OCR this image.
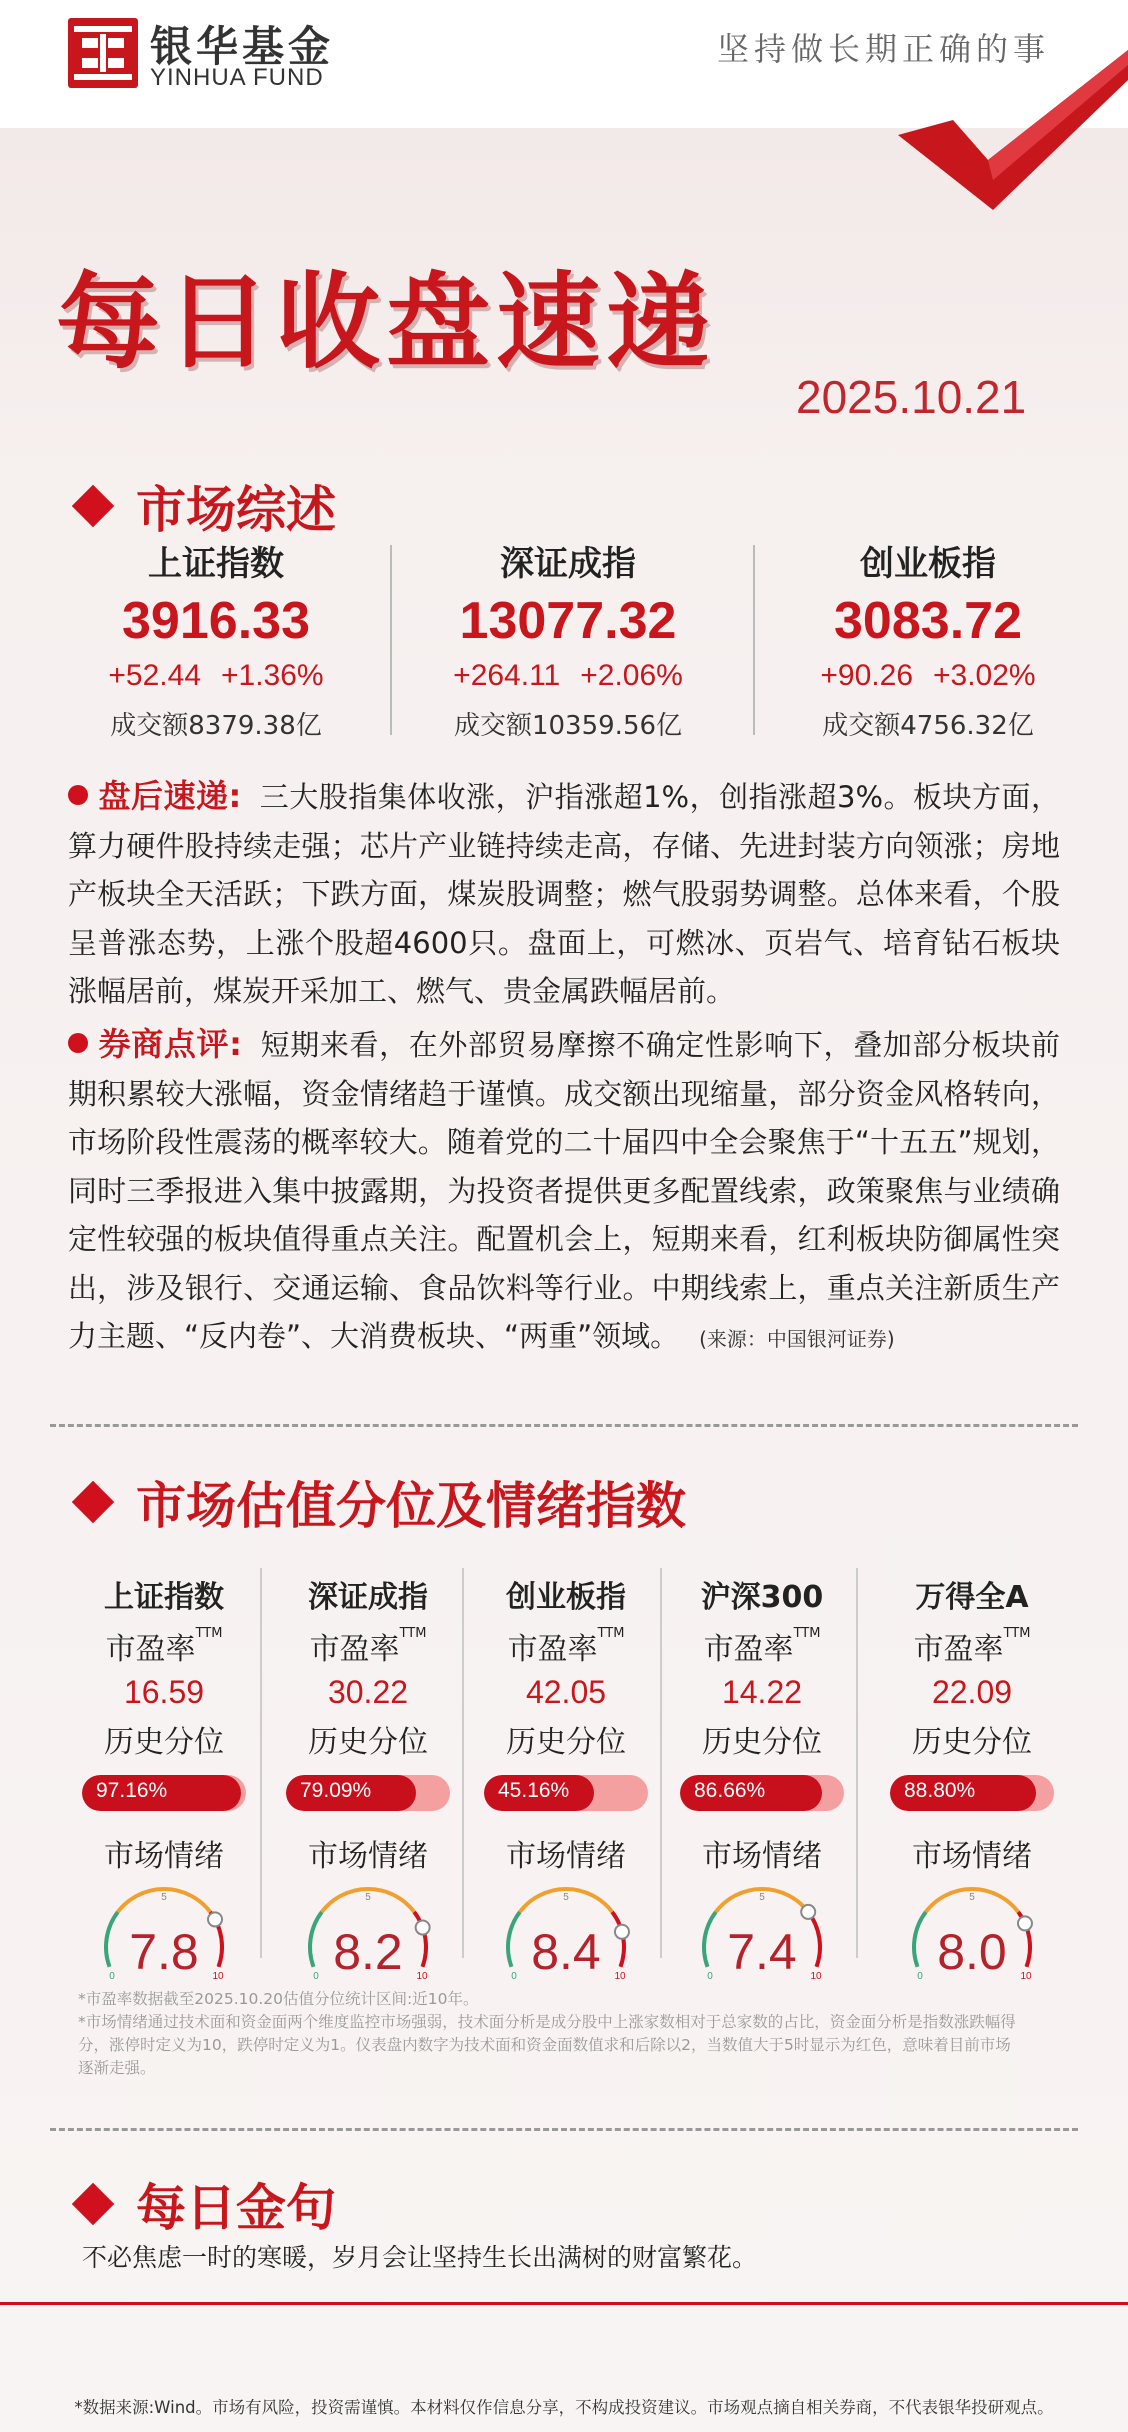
银华基金
YINHUA FUND
坚持做长期正确的事
每日收盘速递
2025.10.21
市场综述
上证指数
3916.33
+52.44 +1.36%
成交额8379.38亿
深证成指
13077.32
+264.11 +2.06%
成交额10359.56亿
创业板指
3083.72
+90.26 +3.02%
成交额4756.32亿
盘后速递: 三大股指集体收涨，沪指涨超1%，创指涨超3%。板块方面，算力硬件股持续走强；芯片产业链持续走高，存储、先进封装方向领涨；房地产板块全天活跃；下跌方面，煤炭股调整；燃气股弱势调整。总体来看，个股呈普涨态势，上涨个股超4600只。盘面上，可燃冰、页岩气、培育钻石板块涨幅居前，煤炭开采加工、燃气、贵金属跌幅居前。
券商点评: 短期来看，在外部贸易摩擦不确定性影响下，叠加部分板块前期积累较大涨幅，资金情绪趋于谨慎。成交额出现缩量，部分资金风格转向，市场阶段性震荡的概率较大。随着党的二十届四中全会聚焦于“十五五”规划，同时三季报进入集中披露期，为投资者提供更多配置线索，政策聚焦与业绩确定性较强的板块值得重点关注。配置机会上，短期来看，红利板块防御属性突出，涉及银行、交通运输、食品饮料等行业。中期线索上，重点关注新质生产力主题、“反内卷”、大消费板块、“两重”领域。 (来源：中国银河证券)
市场估值分位及情绪指数
上证指数
市盈率$^{TTM}$
16.59
历史分位
97.16%
市场情绪
0
5
10
7.8
深证成指
市盈率$^{TTM}$
30.22
历史分位
79.09%
市场情绪
0
5
10
8.2
创业板指
市盈率$^{TTM}$
42.05
历史分位
45.16%
市场情绪
0
5
10
8.4
沪深300
市盈率$^{TTM}$
14.22
历史分位
86.66%
市场情绪
0
5
10
7.4
万得全A
市盈率$^{TTM}$
22.09
历史分位
88.80%
市场情绪
0
5
10
8.0
*市盈率数据截至2025.10.20估值分位统计区间:近10年。
*市场情绪通过技术面和资金面两个维度监控市场强弱，技术面分析是成分股中上涨家数相对于总家数的占比，资金面分析是指数涨跌幅得分，涨停时定义为10，跌停时定义为1。仪表盘内数字为技术面和资金面数值求和后除以2，当数值大于5时显示为红色，意味着目前市场逐渐走强。
每日金句
不必焦虑一时的寒暖，岁月会让坚持生长出满树的财富繁花。
*数据来源:Wind。市场有风险，投资需谨慎。本材料仅作信息分享，不构成投资建议。市场观点摘自相关券商，不代表银华投研观点。
